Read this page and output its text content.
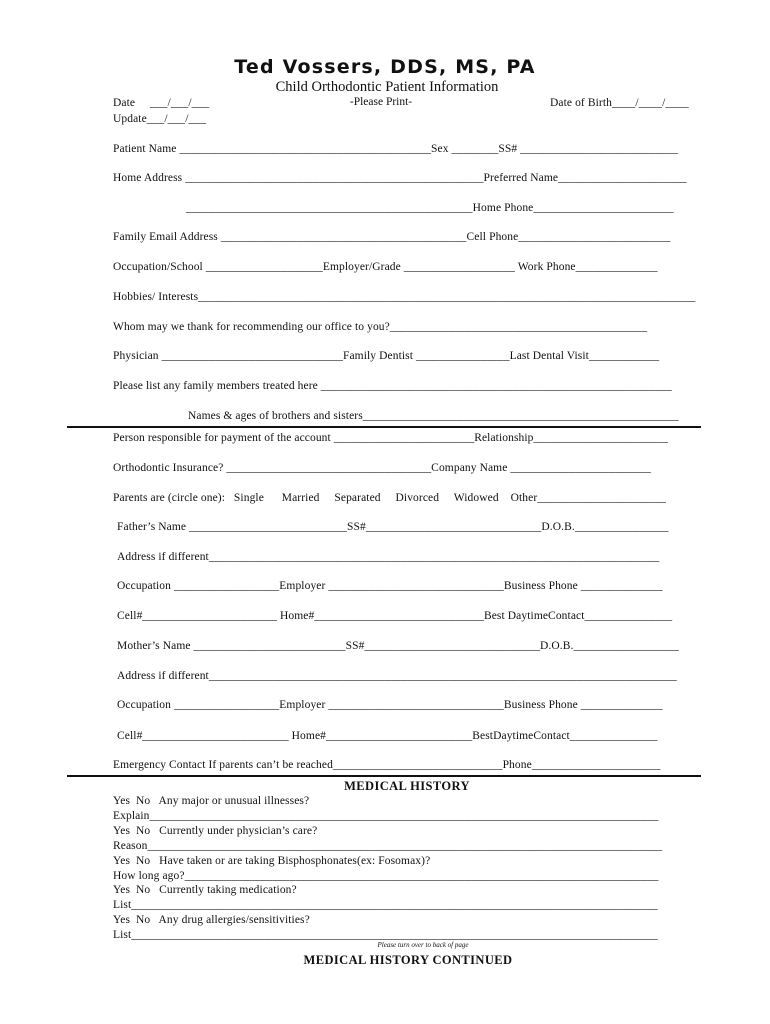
Ted Vossers, DDS, MS, PA
Child Orthodontic Patient Information
-Please Print-
Date     ___/___/___
Update___/___/___
Date of Birth____/____/____
Patient Name ___________________________________________Sex ________SS# ___________________________
Home Address ___________________________________________________Preferred Name______________________
_________________________________________________Home Phone________________________
Family Email Address __________________________________________Cell Phone__________________________
Occupation/School ____________________Employer/Grade ___________________ Work Phone______________
Hobbies/ Interests_____________________________________________________________________________________
Whom may we thank for recommending our office to you?____________________________________________
Physician _______________________________Family Dentist ________________Last Dental Visit____________
Please list any family members treated here ____________________________________________________________
Names & ages of brothers and sisters______________________________________________________
Person responsible for payment of the account ________________________Relationship_______________________
Orthodontic Insurance? ___________________________________Company Name ________________________
Parents are (circle one):   Single      Married     Separated     Divorced     Widowed    Other______________________
Father’s Name ___________________________SS#______________________________D.O.B.________________
Address if different_____________________________________________________________________________
Occupation __________________Employer ______________________________Business Phone ______________
Cell#_______________________ Home#_____________________________Best DaytimeContact_______________
Mother’s Name __________________________SS#______________________________D.O.B.__________________
Address if different________________________________________________________________________________
Occupation __________________Employer ______________________________Business Phone ______________
Cell#_________________________ Home#_________________________BestDaytimeContact_______________
Emergency Contact If parents can’t be reached_____________________________Phone______________________
MEDICAL HISTORY
Yes  No   Any major or unusual illnesses?
Explain_______________________________________________________________________________________
Yes  No   Currently under physician’s care?
Reason________________________________________________________________________________________
Yes  No   Have taken or are taking Bisphosphonates(ex: Fosomax)?
How long ago?_________________________________________________________________________________
Yes  No   Currently taking medication?
List__________________________________________________________________________________________
Yes  No   Any drug allergies/sensitivities?
List__________________________________________________________________________________________
Please turn over to back of page
MEDICAL HISTORY CONTINUED
